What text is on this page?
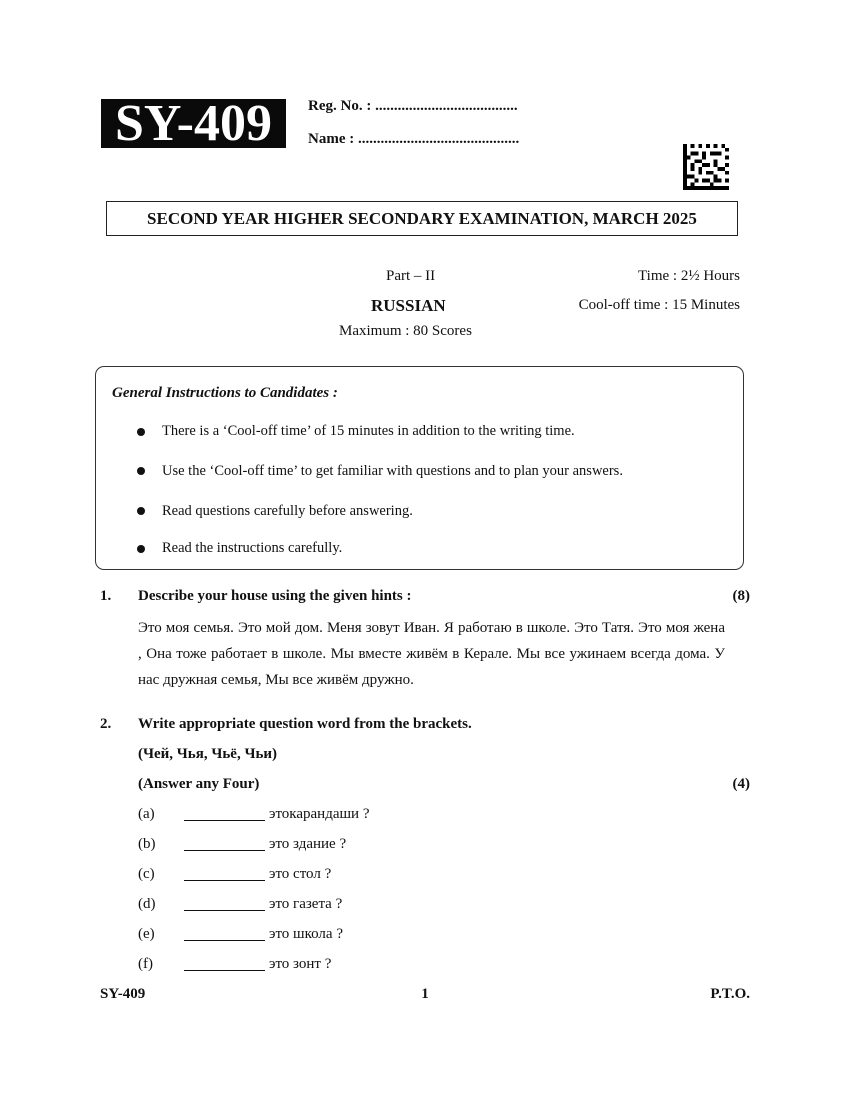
SY-409	Reg. No. : ......................................
Name : ...........................................
SECOND YEAR HIGHER SECONDARY EXAMINATION, MARCH 2025
Part – II
RUSSIAN
Maximum : 80 Scores
Time : 2½ Hours
Cool-off time : 15 Minutes
General Instructions to Candidates :
There is a ‘Cool-off time’ of 15 minutes in addition to the writing time.
Use the ‘Cool-off time’ to get familiar with questions and to plan your answers.
Read questions carefully before answering.
Read the instructions carefully.
1. Describe your house using the given hints :	(8)
Это моя семья. Это мой дом. Меня зовут Иван. Я работаю в школе. Это Татя. Это моя жена , Она тоже работает в школе. Мы вместе живём в Керале. Мы все ужинаем всегда дома. У нас дружная семья, Мы все живём дружно.
2. Write appropriate question word from the brackets.
(Чей, Чья, Чьё, Чьи)
(Answer any Four)	(4)
(a)	этокарандаши ?
(b)	это здание ?
(c)	это стол ?
(d)	это газета ?
(e)	это школа ?
(f)	это зонт ?
SY-409	1	P.T.O.
